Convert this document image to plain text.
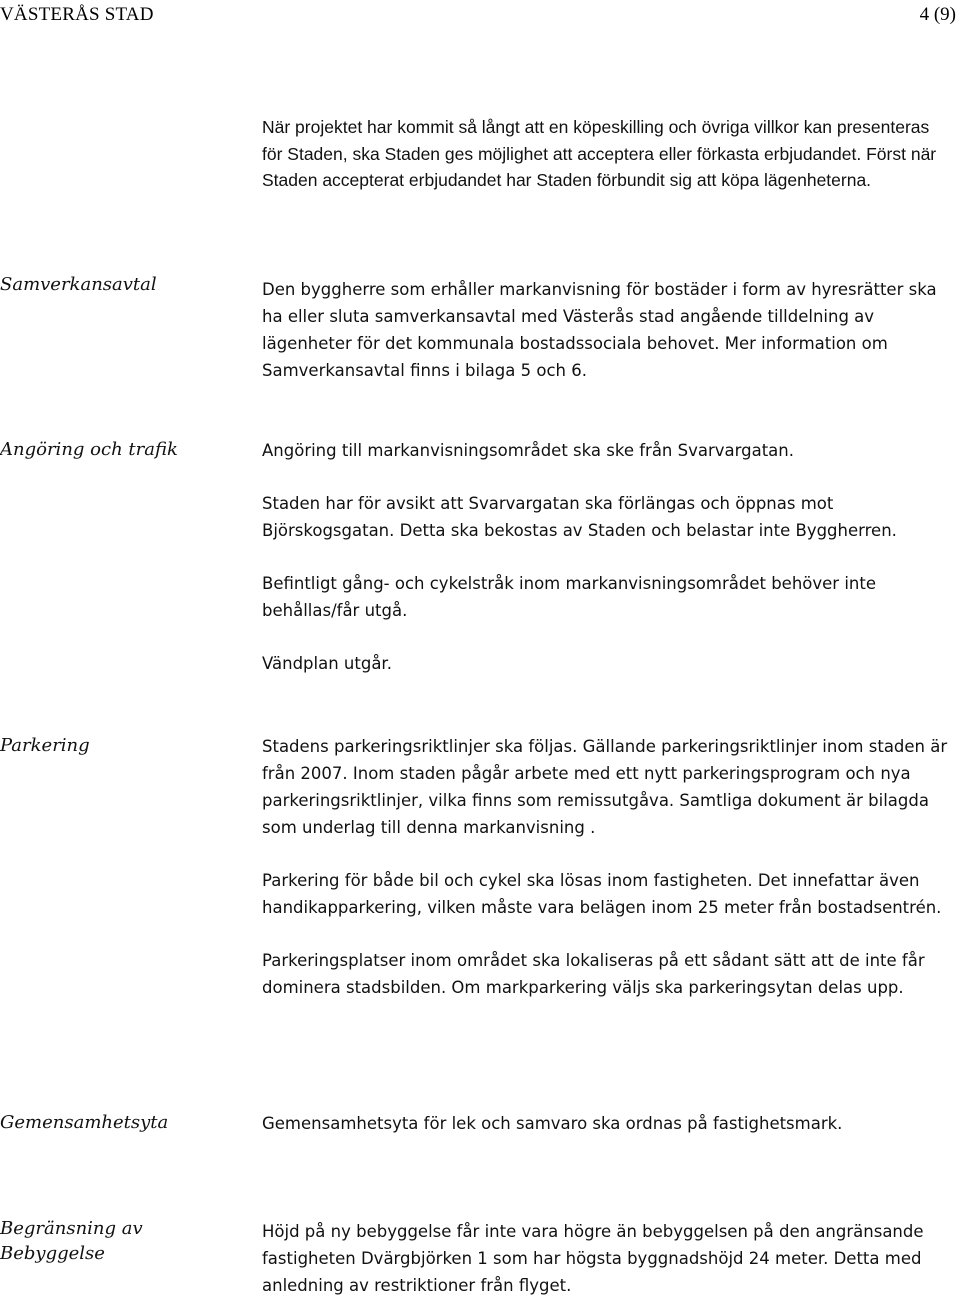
VÄSTERÅS STAD	4 (9)

När projektet har kommit så långt att en köpeskilling och övriga villkor kan presenteras för Staden, ska Staden ges möjlighet att acceptera eller förkasta erbjudandet. Först när Staden accepterat erbjudandet har Staden förbundit sig att köpa lägenheterna.

Samverkansavtal	Den byggherre som erhåller markanvisning för bostäder i form av hyresrätter ska ha eller sluta samverkansavtal med Västerås stad angående tilldelning av lägenheter för det kommunala bostadssociala behovet. Mer information om Samverkansavtal finns i bilaga 5 och 6.

Angöring och trafik	Angöring till markanvisningsområdet ska ske från Svarvargatan.

Staden har för avsikt att Svarvargatan ska förlängas och öppnas mot Björskogsgatan. Detta ska bekostas av Staden och belastar inte Byggherren.

Befintligt gång- och cykelstråk inom markanvisningsområdet behöver inte behållas/får utgå.

Vändplan utgår.

Parkering	Stadens parkeringsriktlinjer ska följas. Gällande parkeringsriktlinjer inom staden är från 2007. Inom staden pågår arbete med ett nytt parkeringsprogram och nya parkeringsriktlinjer, vilka finns som remissutgåva. Samtliga dokument är bilagda som underlag till denna markanvisning .

Parkering för både bil och cykel ska lösas inom fastigheten. Det innefattar även handikapparkering, vilken måste vara belägen inom 25 meter från bostadsentrén.

Parkeringsplatser inom området ska lokaliseras på ett sådant sätt att de inte får dominera stadsbilden. Om markparkering väljs ska parkeringsytan delas upp.

Gemensamhetsyta	Gemensamhetsyta för lek och samvaro ska ordnas på fastighetsmark.

Begränsning av Bebyggelse

Höjd på ny bebyggelse får inte vara högre än bebyggelsen på den angränsande fastigheten Dvärgbjörken 1 som har högsta byggnadshöjd 24 meter. Detta med anledning av restriktioner från flyget.
